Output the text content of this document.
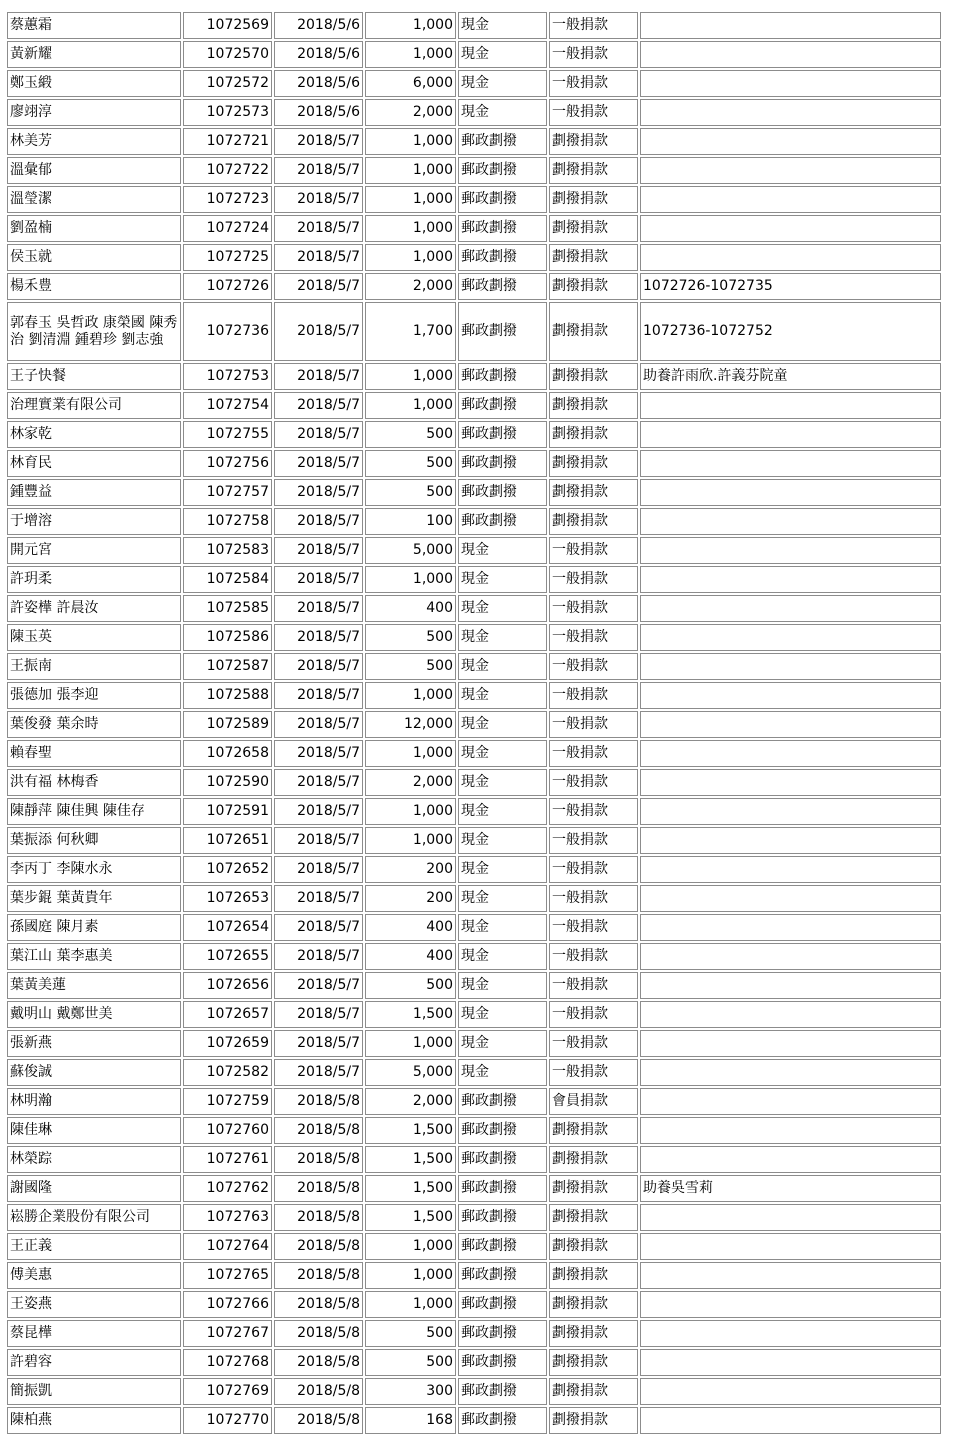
蔡蕙霜	1072569	2018/5/6	1,000	現金	一般捐款	
黃新耀	1072570	2018/5/6	1,000	現金	一般捐款	
鄭玉緞	1072572	2018/5/6	6,000	現金	一般捐款	
廖翊淳	1072573	2018/5/6	2,000	現金	一般捐款	
林美芳	1072721	2018/5/7	1,000	郵政劃撥	劃撥捐款	
溫彙郁	1072722	2018/5/7	1,000	郵政劃撥	劃撥捐款	
溫瑩潔	1072723	2018/5/7	1,000	郵政劃撥	劃撥捐款	
劉盈楠	1072724	2018/5/7	1,000	郵政劃撥	劃撥捐款	
侯玉就	1072725	2018/5/7	1,000	郵政劃撥	劃撥捐款	
楊禾豊	1072726	2018/5/7	2,000	郵政劃撥	劃撥捐款	1072726-1072735
郭春玉 吳哲政 康榮國 陳秀治 劉清淵 鍾碧珍 劉志強	1072736	2018/5/7	1,700	郵政劃撥	劃撥捐款	1072736-1072752
王子快餐	1072753	2018/5/7	1,000	郵政劃撥	劃撥捐款	助養許雨欣.許義芬院童
治理實業有限公司	1072754	2018/5/7	1,000	郵政劃撥	劃撥捐款	
林家乾	1072755	2018/5/7	500	郵政劃撥	劃撥捐款	
林育民	1072756	2018/5/7	500	郵政劃撥	劃撥捐款	
鍾豐益	1072757	2018/5/7	500	郵政劃撥	劃撥捐款	
于增溶	1072758	2018/5/7	100	郵政劃撥	劃撥捐款	
開元宮	1072583	2018/5/7	5,000	現金	一般捐款	
許玥柔	1072584	2018/5/7	1,000	現金	一般捐款	
許姿樺 許晨汝	1072585	2018/5/7	400	現金	一般捐款	
陳玉英	1072586	2018/5/7	500	現金	一般捐款	
王振南	1072587	2018/5/7	500	現金	一般捐款	
張德加 張李迎	1072588	2018/5/7	1,000	現金	一般捐款	
葉俊發 葉余時	1072589	2018/5/7	12,000	現金	一般捐款	
賴春聖	1072658	2018/5/7	1,000	現金	一般捐款	
洪有福 林梅香	1072590	2018/5/7	2,000	現金	一般捐款	
陳靜萍 陳佳興 陳佳存	1072591	2018/5/7	1,000	現金	一般捐款	
葉振添 何秋卿	1072651	2018/5/7	1,000	現金	一般捐款	
李丙丁 李陳水永	1072652	2018/5/7	200	現金	一般捐款	
葉步錕 葉黃貴年	1072653	2018/5/7	200	現金	一般捐款	
孫國庭 陳月素	1072654	2018/5/7	400	現金	一般捐款	
葉江山 葉李惠美	1072655	2018/5/7	400	現金	一般捐款	
葉黃美蓮	1072656	2018/5/7	500	現金	一般捐款	
戴明山 戴鄭世美	1072657	2018/5/7	1,500	現金	一般捐款	
張新燕	1072659	2018/5/7	1,000	現金	一般捐款	
蘇俊誠	1072582	2018/5/7	5,000	現金	一般捐款	
林明瀚	1072759	2018/5/8	2,000	郵政劃撥	會員捐款	
陳佳琳	1072760	2018/5/8	1,500	郵政劃撥	劃撥捐款	
林榮踪	1072761	2018/5/8	1,500	郵政劃撥	劃撥捐款	
謝國隆	1072762	2018/5/8	1,500	郵政劃撥	劃撥捐款	助養吳雪莉
崧勝企業股份有限公司	1072763	2018/5/8	1,500	郵政劃撥	劃撥捐款	
王正義	1072764	2018/5/8	1,000	郵政劃撥	劃撥捐款	
傅美惠	1072765	2018/5/8	1,000	郵政劃撥	劃撥捐款	
王姿燕	1072766	2018/5/8	1,000	郵政劃撥	劃撥捐款	
蔡昆樺	1072767	2018/5/8	500	郵政劃撥	劃撥捐款	
許碧容	1072768	2018/5/8	500	郵政劃撥	劃撥捐款	
簡振凱	1072769	2018/5/8	300	郵政劃撥	劃撥捐款	
陳柏燕	1072770	2018/5/8	168	郵政劃撥	劃撥捐款	
